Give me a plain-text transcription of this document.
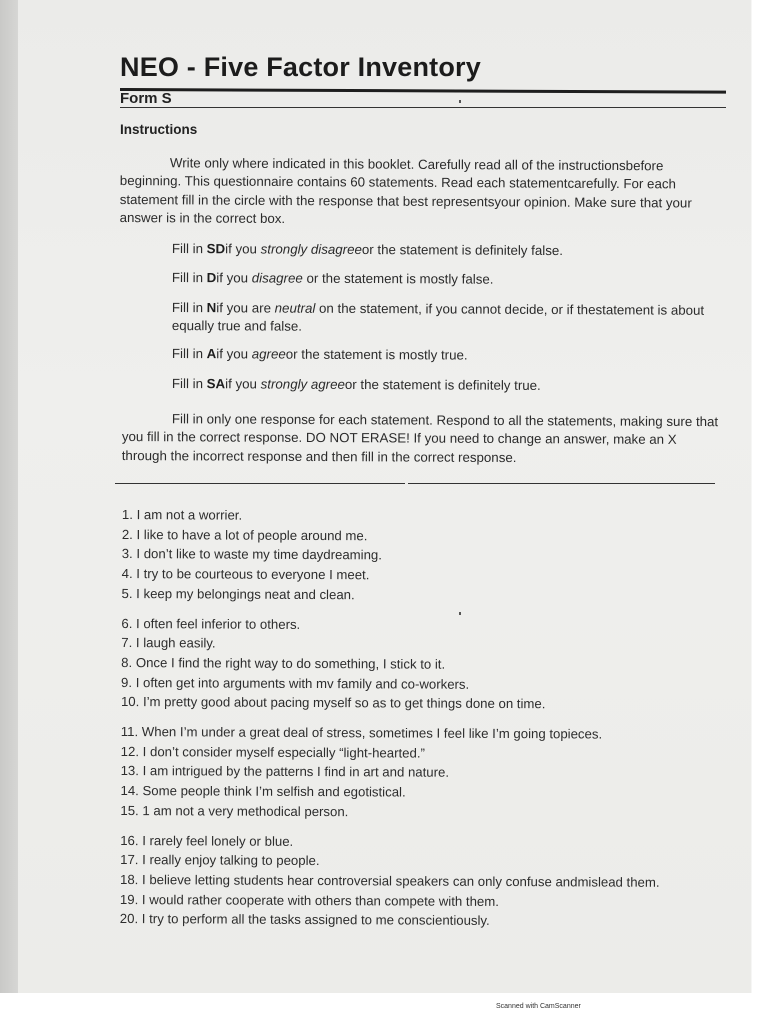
NEO - Five Factor Inventory
Form S
Instructions

Write only where indicated in this booklet. Carefully read all of the instructionsbefore beginning. This questionnaire contains 60 statements. Read each statementcarefully. For each statement fill in the circle with the response that best representsyour opinion. Make sure that your answer is in the correct box.

Fill in SDif you strongly disagreeor the statement is definitely false.

Fill in Dif you disagree or the statement is mostly false.

Fill in Nif you are neutral on the statement, if you cannot decide, or if thestatement is about equally true and false.

Fill in Aif you agreeor the statement is mostly true.

Fill in SAif you strongly agreeor the statement is definitely true.

Fill in only one response for each statement. Respond to all the statements, making sure that you fill in the correct response. DO NOT ERASE! If you need to change an answer, make an X through the incorrect response and then fill in the correct response.

1. I am not a worrier.
2. I like to have a lot of people around me.
3. I don’t like to waste my time daydreaming.
4. I try to be courteous to everyone I meet.
5. I keep my belongings neat and clean.
6. I often feel inferior to others.
7. I laugh easily.
8. Once I find the right way to do something, I stick to it.
9. I often get into arguments with mv family and co-workers.
10. I’m pretty good about pacing myself so as to get things done on time.
11. When I’m under a great deal of stress, sometimes I feel like I’m going topieces.
12. I don’t consider myself especially “light-hearted.”
13. I am intrigued by the patterns I find in art and nature.
14. Some people think I’m selfish and egotistical.
15. 1 am not a very methodical person.
16. I rarely feel lonely or blue.
17. I really enjoy talking to people.
18. I believe letting students hear controversial speakers can only confuse andmislead them.
19. I would rather cooperate with others than compete with them.
20. I try to perform all the tasks assigned to me conscientiously.
Scanned with CamScanner
